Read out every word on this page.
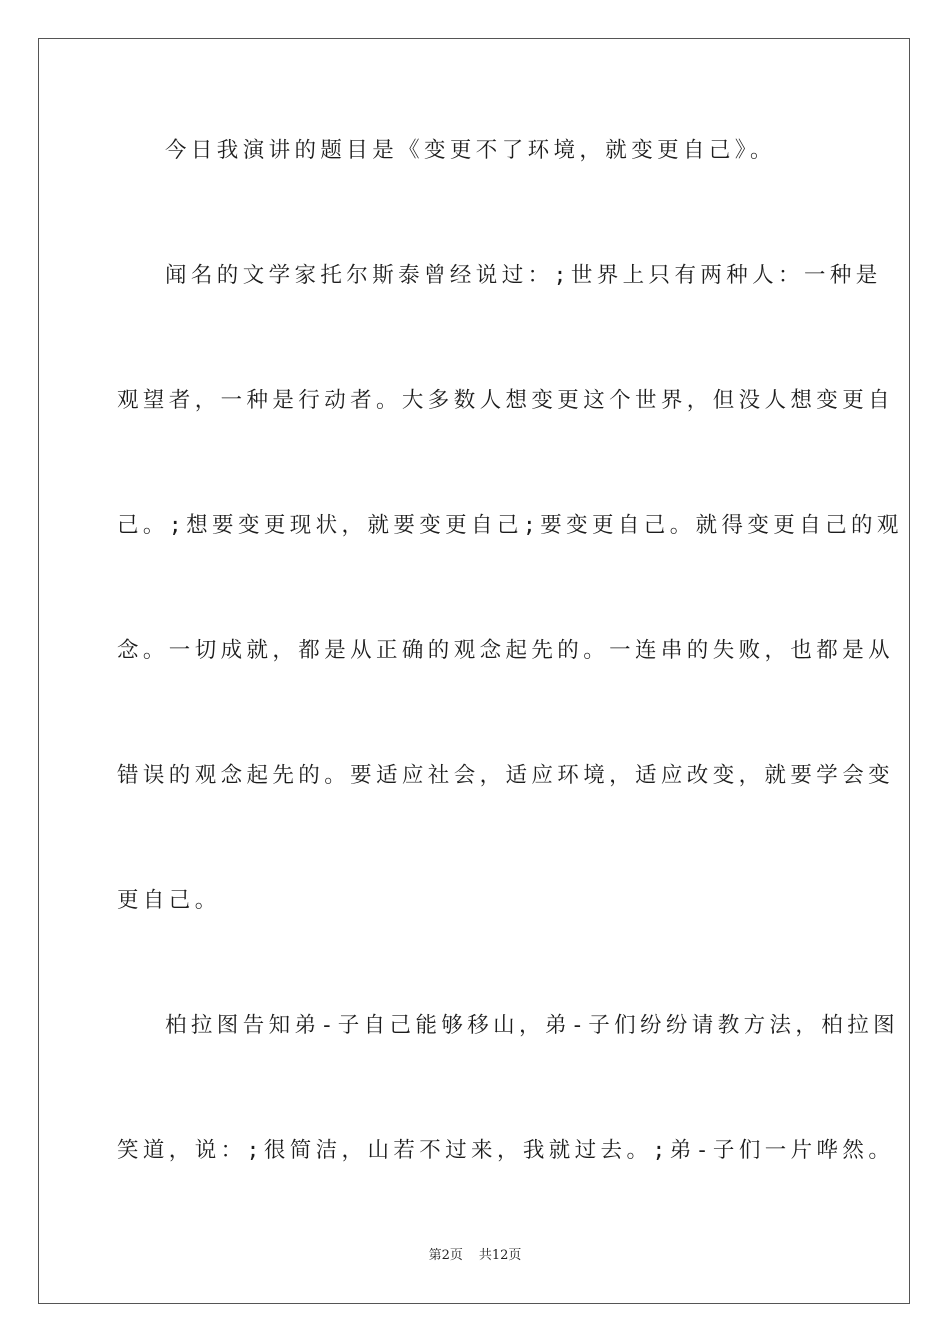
今日我演讲的题目是《变更不了环境，就变更自己》。
闻名的文学家托尔斯泰曾经说过：;世界上只有两种人：一种是
观望者，一种是行动者。大多数人想变更这个世界，但没人想变更自
己。;想要变更现状，就要变更自己;要变更自己。就得变更自己的观
念。一切成就，都是从正确的观念起先的。一连串的失败，也都是从
错误的观念起先的。要适应社会，适应环境，适应改变，就要学会变
更自己。
柏拉图告知弟-子自己能够移山，弟-子们纷纷请教方法，柏拉图
笑道，说：;很简洁，山若不过来，我就过去。;弟-子们一片哗然。
第2页 共12页
